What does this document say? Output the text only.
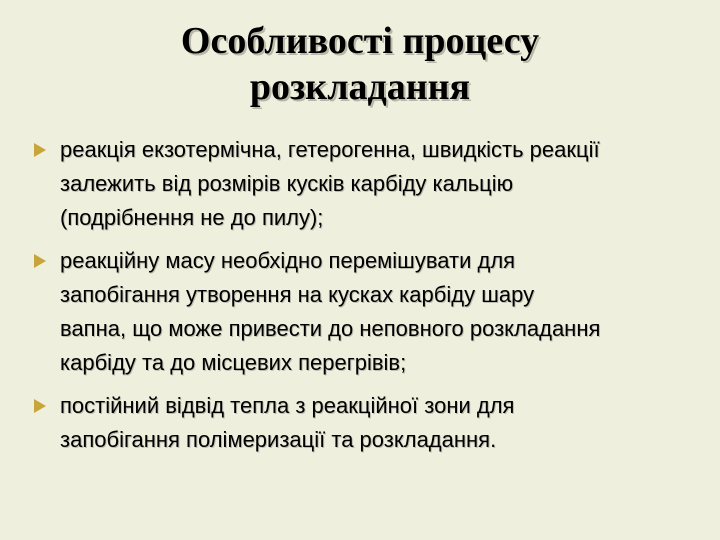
Особливості процесу
розкладання
реакція екзотермічна, гетерогенна, швидкість реакції
залежить від розмірів кусків карбіду кальцію
(подрібнення не до пилу);
реакційну масу необхідно перемішувати для
запобігання утворення на кусках карбіду шару
вапна, що може привести до неповного розкладання
карбіду та до місцевих перегрівів;
постійний відвід тепла з реакційної зони для
запобігання полімеризації та розкладання.
